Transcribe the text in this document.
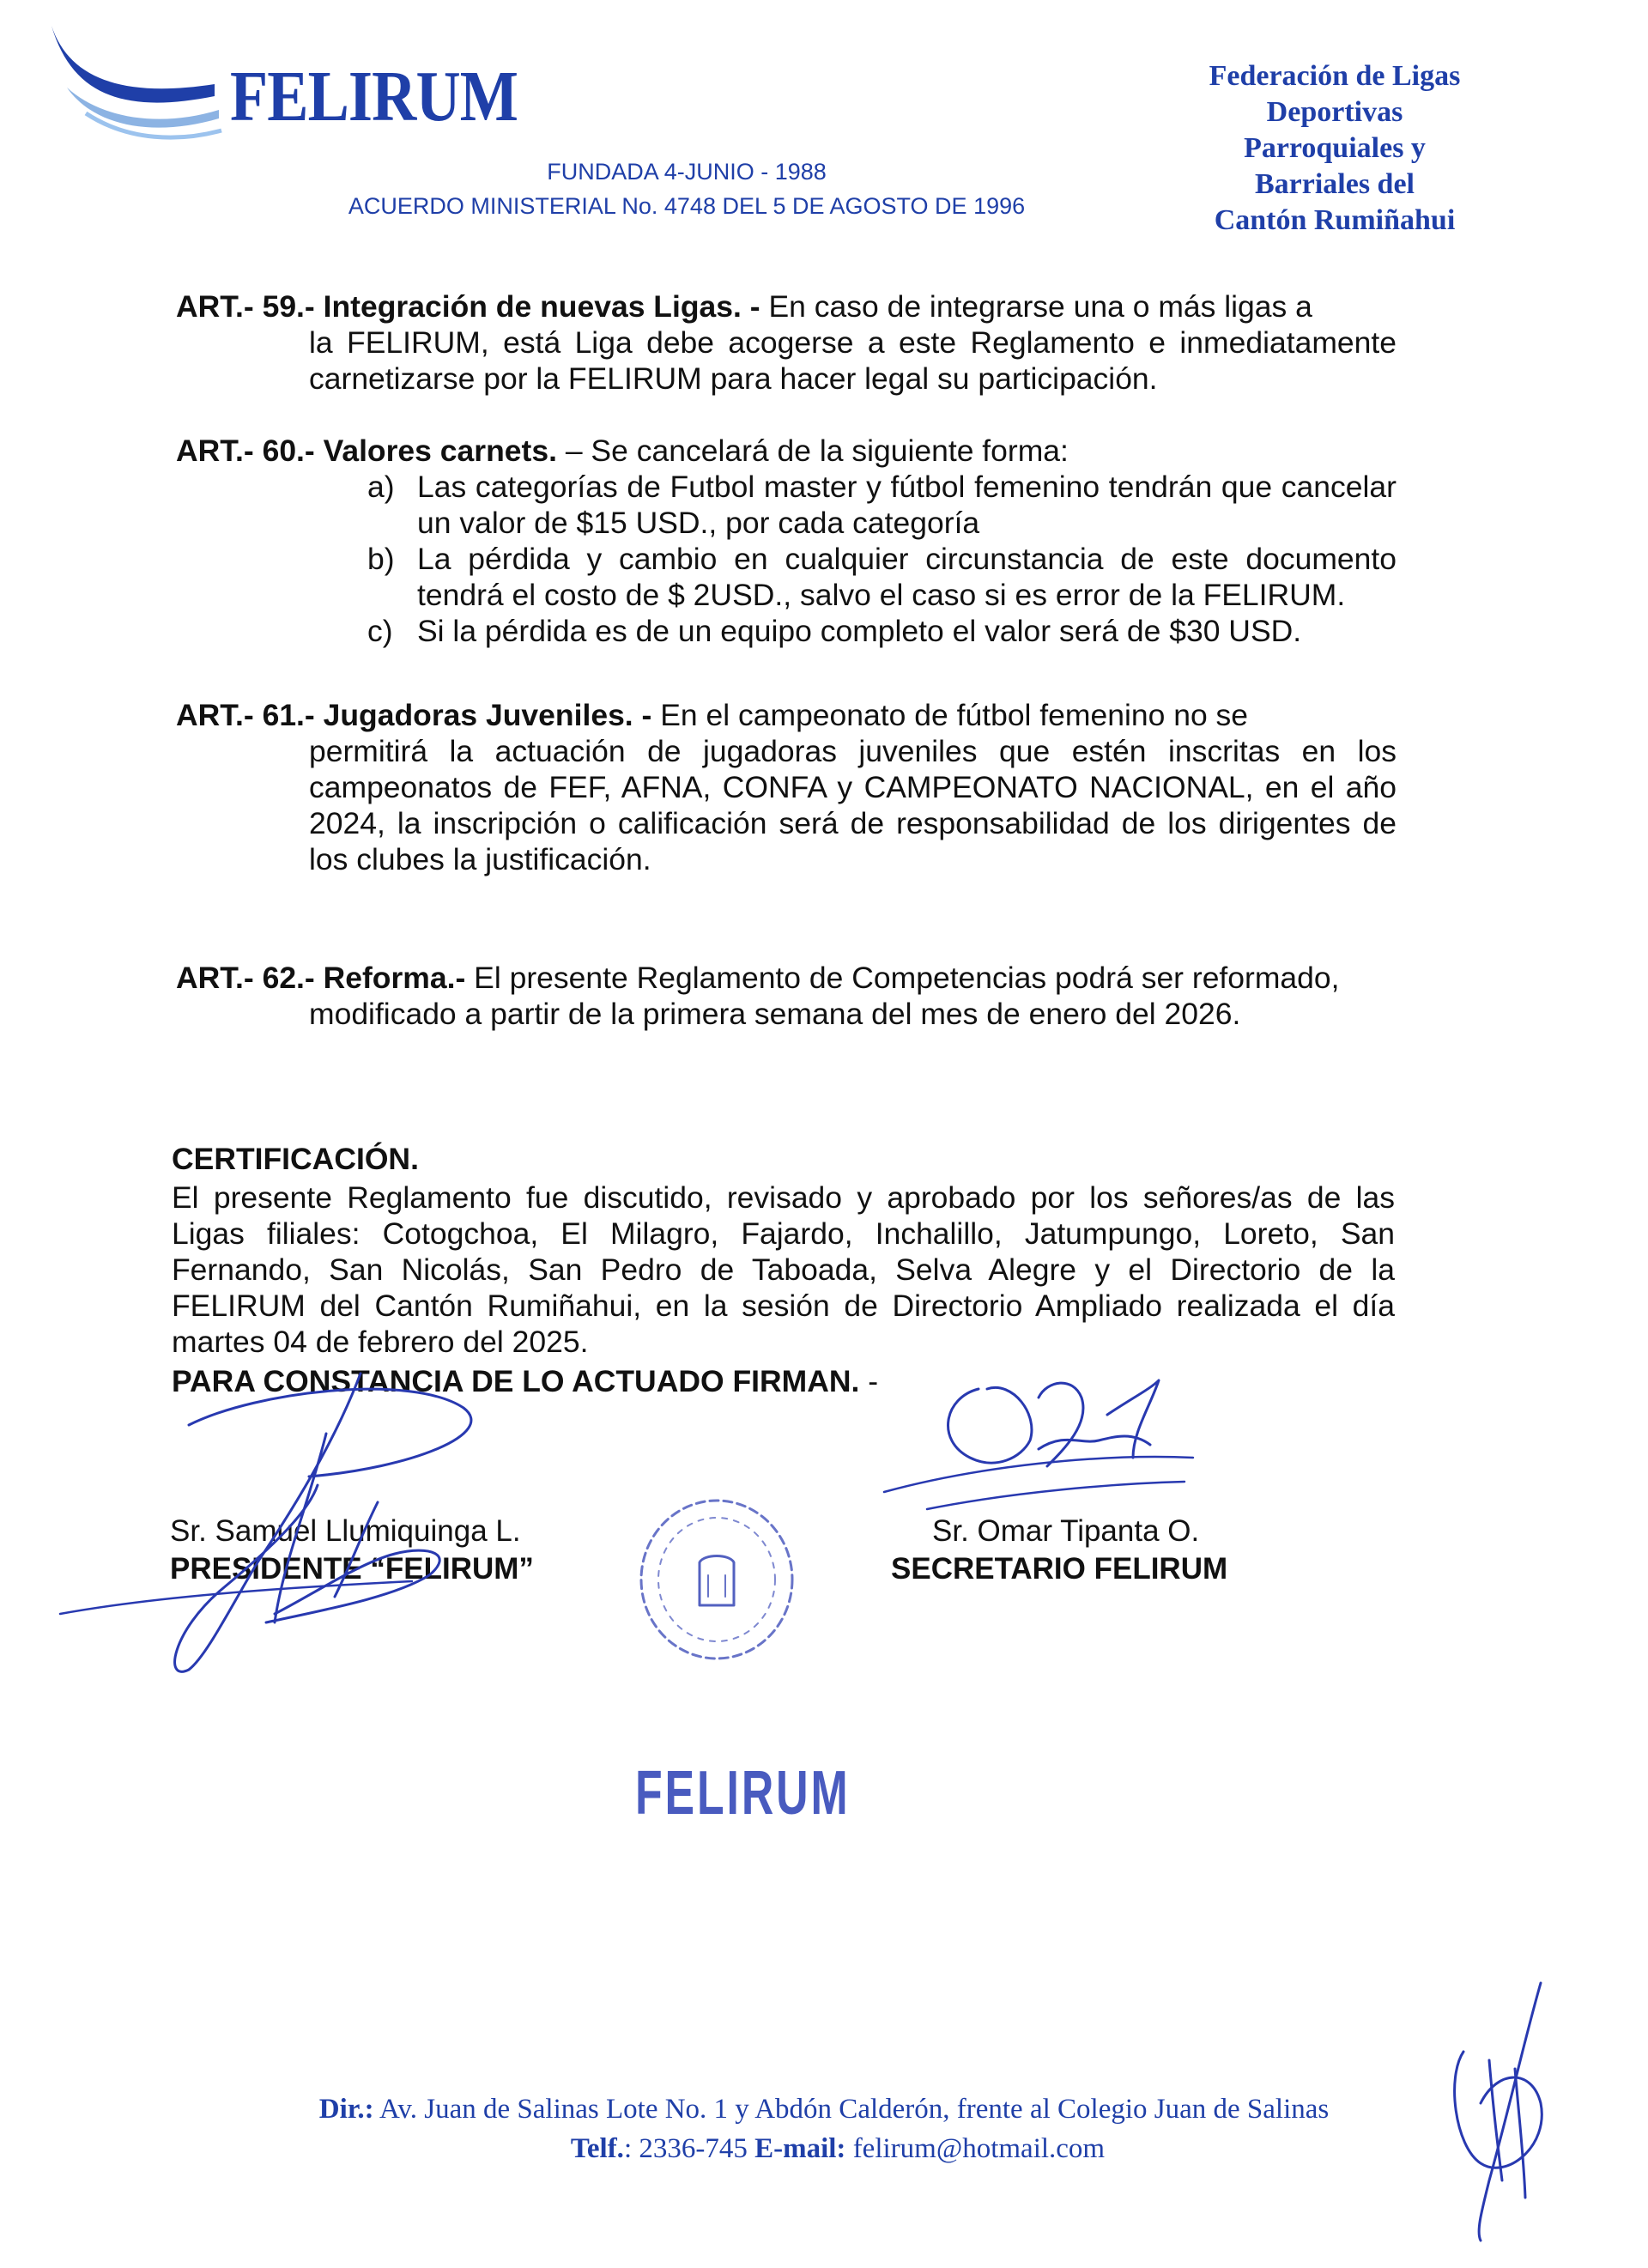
FELIRUM
FUNDADA 4-JUNIO - 1988
ACUERDO MINISTERIAL No. 4748 DEL 5 DE AGOSTO DE 1996
Federación de Ligas
Deportivas
Parroquiales y
Barriales del
Cantón Rumiñahui
ART.- 59.- Integración de nuevas Ligas. - En caso de integrarse una o más ligas a
la FELIRUM, está Liga debe acogerse a este Reglamento e inmediatamente carnetizarse por la FELIRUM para hacer legal su participación.
ART.- 60.- Valores carnets. – Se cancelará de la siguiente forma:
a) Las categorías de Futbol master y fútbol femenino tendrán que cancelar un valor de $15 USD., por cada categoría
b) La pérdida y cambio en cualquier circunstancia de este documento tendrá el costo de $ 2USD., salvo el caso si es error de la FELIRUM.
c) Si la pérdida es de un equipo completo el valor será de $30 USD.
ART.- 61.- Jugadoras Juveniles. - En el campeonato de fútbol femenino no se
permitirá la actuación de jugadoras juveniles que estén inscritas en los campeonatos de FEF, AFNA, CONFA y CAMPEONATO NACIONAL, en el año 2024, la inscripción o calificación será de responsabilidad de los dirigentes de los clubes la justificación.
ART.- 62.- Reforma.- El presente Reglamento de Competencias podrá ser reformado,
modificado a partir de la primera semana del mes de enero del 2026.
CERTIFICACIÓN.
El presente Reglamento fue discutido, revisado y aprobado por los señores/as de las Ligas filiales: Cotogchoa, El Milagro, Fajardo, Inchalillo, Jatumpungo, Loreto, San Fernando, San Nicolás, San Pedro de Taboada, Selva Alegre y el Directorio de la FELIRUM del Cantón Rumiñahui, en la sesión de Directorio Ampliado realizada el día martes 04 de febrero del 2025.
PARA CONSTANCIA DE LO ACTUADO FIRMAN. -
Sr. Samuel Llumiquinga L.
PRESIDENTE “FELIRUM”
Sr. Omar Tipanta O.
SECRETARIO FELIRUM
FELIRUM
Dir.: Av. Juan de Salinas Lote No. 1 y Abdón Calderón, frente al Colegio Juan de Salinas
Telf.: 2336-745 E-mail: felirum@hotmail.com
